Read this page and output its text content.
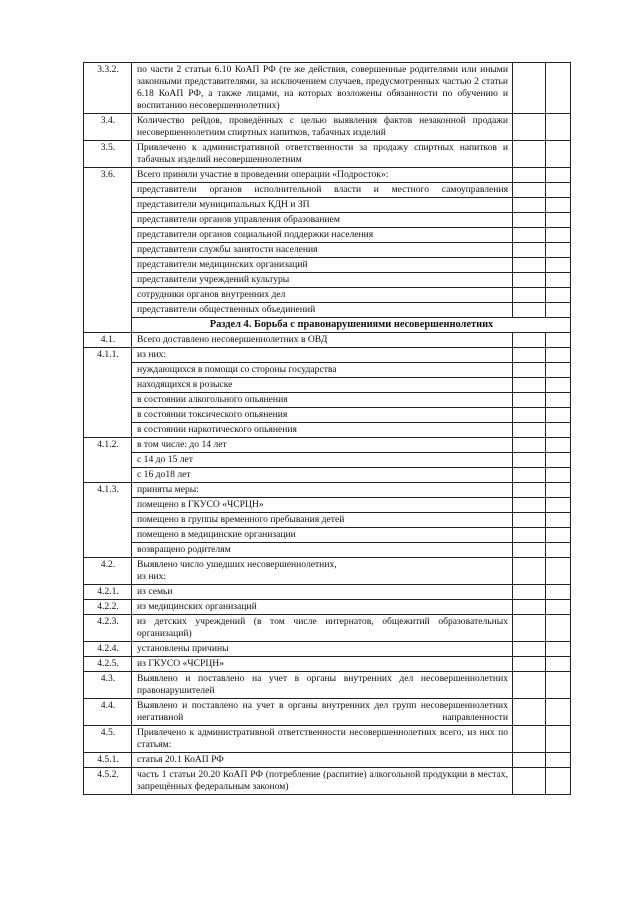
3.3.2.	по части 2 статьи 6.10 КоАП РФ (те же действия, совершенные родителями или иными законными представителями, за исключением случаев, предусмотренных частью 2 статьи 6.18 КоАП РФ, а также лицами, на которых возложены обязанности по обучению и воспитанию несовершеннолетних)		
3.4.	Количество рейдов, проведённых с целью выявления фактов незаконной продажи несовершеннолетним спиртных напитков, табачных изделий		
3.5.	Привлечено к административной ответственности за продажу спиртных напитков и табачных изделий несовершеннолетним		
3.6.	Всего приняли участие в проведении операции «Подросток»:		
	представители органов исполнительной власти и местного самоуправления		
	представители муниципальных КДН и ЗП		
	представители органов управления образованием		
	представители органов социальной поддержки населения		
	представители службы занятости населения		
	представители медицинских организаций		
	представители учреждений культуры		
	сотрудники органов внутренних дел		
	представители общественных объединений		
	Раздел 4. Борьба с правонарушениями несовершеннолетних		
4.1.	Всего доставлено несовершеннолетних в ОВД		
4.1.1.	из них:		
	нуждающихся в помощи со стороны государства		
	находящихся в розыске		
	в состоянии алкогольного опьянения		
	в состоянии токсического опьянения		
	в состоянии наркотического опьянения		
4.1.2.	в том числе: до 14 лет		
	с 14 до 15 лет		
	с 16 до18 лет		
4.1.3.	приняты меры:		
	помещено в ГКУСО «ЧСРЦН»		
	помещено в группы временного пребывания детей		
	помещено в медицинские организации		
	возвращено родителям		
4.2.	Выявлено число ушедших несовершеннолетних,
из них:		
4.2.1.	из семьи		
4.2.2.	из медицинских организаций		
4.2.3.	из детских учреждений (в том числе интернатов, общежитий образовательных организаций)		
4.2.4.	установлены причины		
4.2.5.	из ГКУСО «ЧСРЦН»		
4.3.	Выявлено и поставлено на учет в органы внутренних дел несовершеннолетних правонарушителей		
4.4.	Выявлено и поставлено на учет в органы внутренних дел групп несовершеннолетних негативной направленности		
4.5.	Привлечено к административной ответственности несовершеннолетних всего, из них по статьям:		
4.5.1.	статья 20.1 КоАП РФ		
4.5.2.	часть 1 статьи 20.20 КоАП РФ (потребление (распитие) алкогольной продукции в местах, запрещённых федеральным законом)		
